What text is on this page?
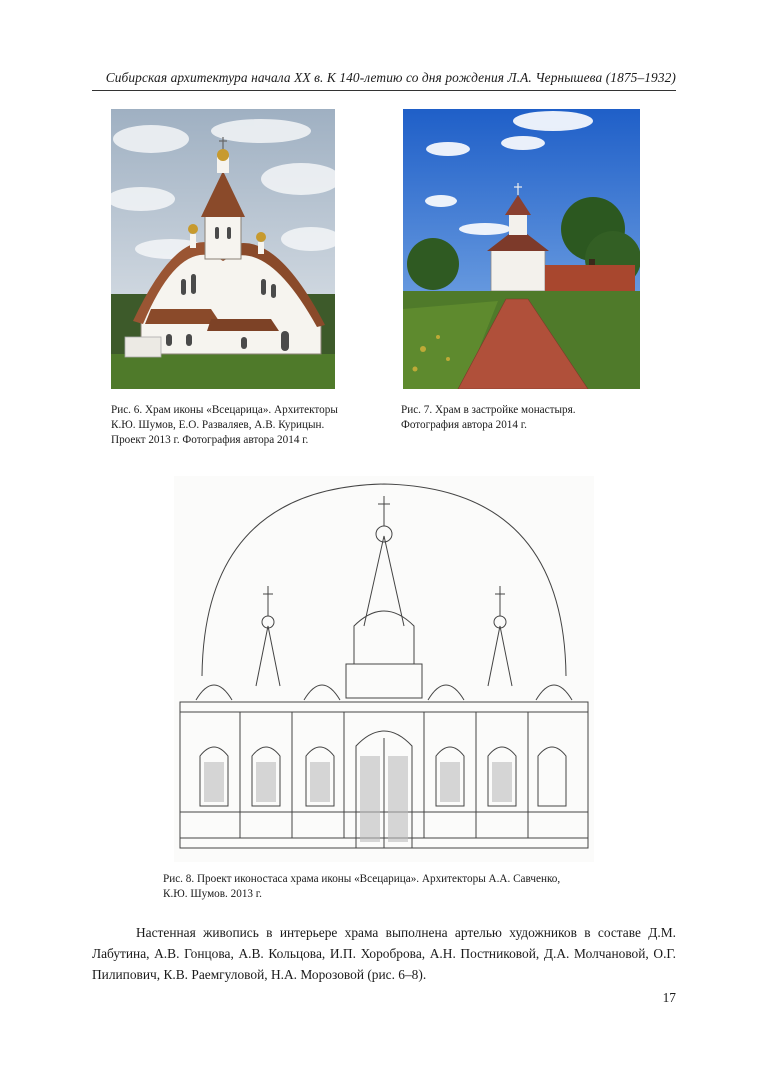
Сибирская архитектура начала XX в. К 140-летию со дня рождения Л.А. Чернышева (1875–1932)
Рис. 6. Храм иконы «Всецарица». Архитекторы
К.Ю. Шумов, Е.О. Разваляев, А.В. Курицын.
Проект 2013 г. Фотография автора 2014 г.
Рис. 7. Храм в застройке монастыря.
Фотография автора 2014 г.
Рис. 8. Проект иконостаса храма иконы «Всецарица». Архитекторы А.А. Савченко,
К.Ю. Шумов. 2013 г.
Настенная живопись в интерьере храма выполнена артелью художников в составе Д.М. Лабутина, А.В. Гонцова, А.В. Кольцова, И.П. Хороброва, А.Н. Постниковой, Д.А. Молчановой, О.Г. Пилипович, К.В. Раемгуловой, Н.А. Морозовой (рис. 6–8).
17
